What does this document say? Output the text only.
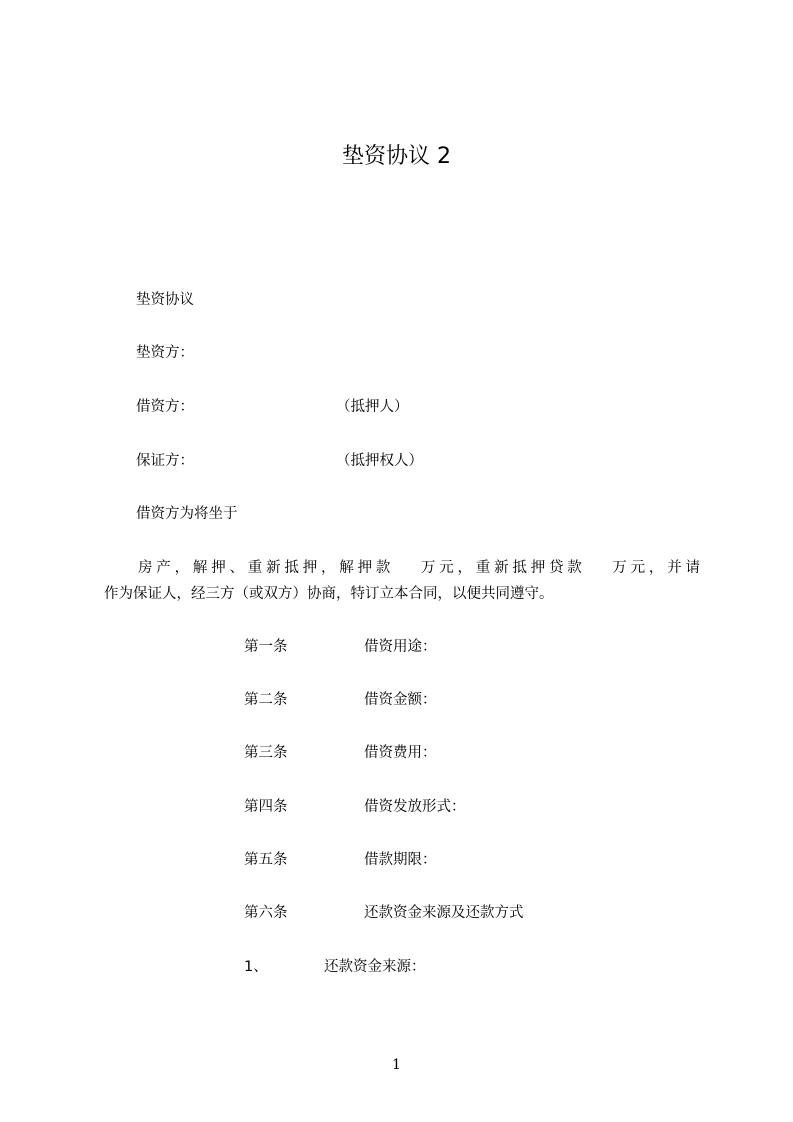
垫资协议 2
垫资协议
垫资方：
借资方：	（抵押人）
保证方：	（抵押权人）
借资方为将坐于
房产，解押、重新抵押，解押款　 万元，重新抵押贷款　 万元，并请
作为保证人，经三方（或双方）协商，特订立本合同，以便共同遵守。
第一条	借资用途：
第二条	借资金额：
第三条	借资费用：
第四条	借资发放形式：
第五条	借款期限：
第六条	还款资金来源及还款方式
1、	还款资金来源：
1
